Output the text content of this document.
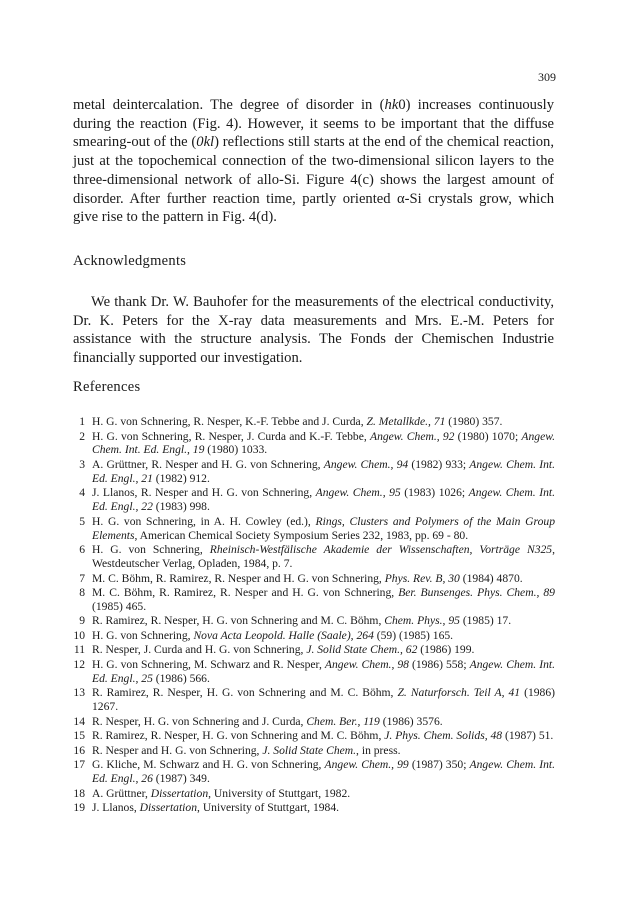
309

metal deintercalation. The degree of disorder in (hk0) increases continuously during the reaction (Fig. 4). However, it seems to be important that the diffuse smearing-out of the (0kl) reflections still starts at the end of the chemical reaction, just at the topochemical connection of the two-dimensional silicon layers to the three-dimensional network of allo-Si. Figure 4(c) shows the largest amount of disorder. After further reaction time, partly oriented α-Si crystals grow, which give rise to the pattern in Fig. 4(d).

Acknowledgments

We thank Dr. W. Bauhofer for the measurements of the electrical conductivity, Dr. K. Peters for the X-ray data measurements and Mrs. E.-M. Peters for assistance with the structure analysis. The Fonds der Chemischen Industrie financially supported our investigation.

References
1 H. G. von Schnering, R. Nesper, K.-F. Tebbe and J. Curda, Z. Metallkde., 71 (1980) 357.
2 H. G. von Schnering, R. Nesper, J. Curda and K.-F. Tebbe, Angew. Chem., 92 (1980) 1070; Angew. Chem. Int. Ed. Engl., 19 (1980) 1033.
3 A. Grüttner, R. Nesper and H. G. von Schnering, Angew. Chem., 94 (1982) 933; Angew. Chem. Int. Ed. Engl., 21 (1982) 912.
4 J. Llanos, R. Nesper and H. G. von Schnering, Angew. Chem., 95 (1983) 1026; Angew. Chem. Int. Ed. Engl., 22 (1983) 998.
5 H. G. von Schnering, in A. H. Cowley (ed.), Rings, Clusters and Polymers of the Main Group Elements, American Chemical Society Symposium Series 232, 1983, pp. 69 - 80.
6 H. G. von Schnering, Rheinisch-Westfälische Akademie der Wissenschaften, Vorträge N325, Westdeutscher Verlag, Opladen, 1984, p. 7.
7 M. C. Böhm, R. Ramirez, R. Nesper and H. G. von Schnering, Phys. Rev. B, 30 (1984) 4870.
8 M. C. Böhm, R. Ramirez, R. Nesper and H. G. von Schnering, Ber. Bunsenges. Phys. Chem., 89 (1985) 465.
9 R. Ramirez, R. Nesper, H. G. von Schnering and M. C. Böhm, Chem. Phys., 95 (1985) 17.
10 H. G. von Schnering, Nova Acta Leopold. Halle (Saale), 264 (59) (1985) 165.
11 R. Nesper, J. Curda and H. G. von Schnering, J. Solid State Chem., 62 (1986) 199.
12 H. G. von Schnering, M. Schwarz and R. Nesper, Angew. Chem., 98 (1986) 558; Angew. Chem. Int. Ed. Engl., 25 (1986) 566.
13 R. Ramirez, R. Nesper, H. G. von Schnering and M. C. Böhm, Z. Naturforsch. Teil A, 41 (1986) 1267.
14 R. Nesper, H. G. von Schnering and J. Curda, Chem. Ber., 119 (1986) 3576.
15 R. Ramirez, R. Nesper, H. G. von Schnering and M. C. Böhm, J. Phys. Chem. Solids, 48 (1987) 51.
16 R. Nesper and H. G. von Schnering, J. Solid State Chem., in press.
17 G. Kliche, M. Schwarz and H. G. von Schnering, Angew. Chem., 99 (1987) 350; Angew. Chem. Int. Ed. Engl., 26 (1987) 349.
18 A. Grüttner, Dissertation, University of Stuttgart, 1982.
19 J. Llanos, Dissertation, University of Stuttgart, 1984.
